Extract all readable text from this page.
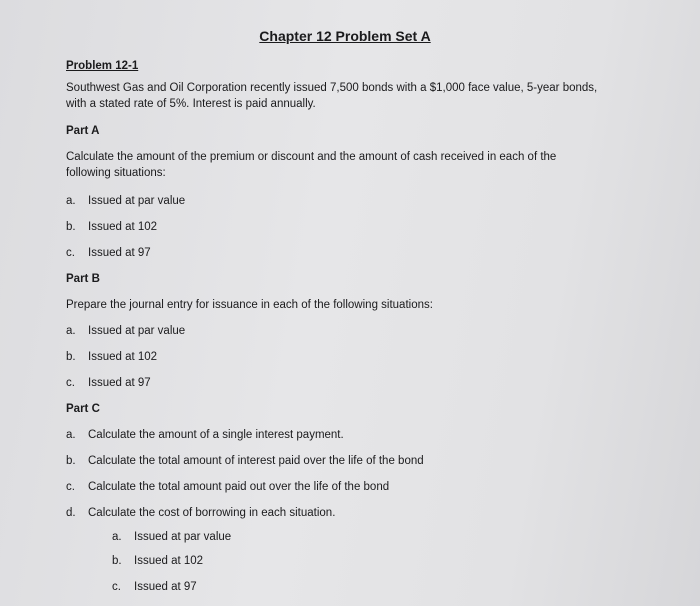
Chapter 12 Problem Set A
Problem 12-1
Southwest Gas and Oil Corporation recently issued 7,500 bonds with a $1,000 face value, 5-year bonds,
with a stated rate of 5%. Interest is paid annually.
Part A
Calculate the amount of the premium or discount and the amount of cash received in each of the
following situations:
a. Issued at par value
b. Issued at 102
c. Issued at 97
Part B
Prepare the journal entry for issuance in each of the following situations:
a. Issued at par value
b. Issued at 102
c. Issued at 97
Part C
a. Calculate the amount of a single interest payment.
b. Calculate the total amount of interest paid over the life of the bond
c. Calculate the total amount paid out over the life of the bond
d. Calculate the cost of borrowing in each situation.
a. Issued at par value
b. Issued at 102
c. Issued at 97
